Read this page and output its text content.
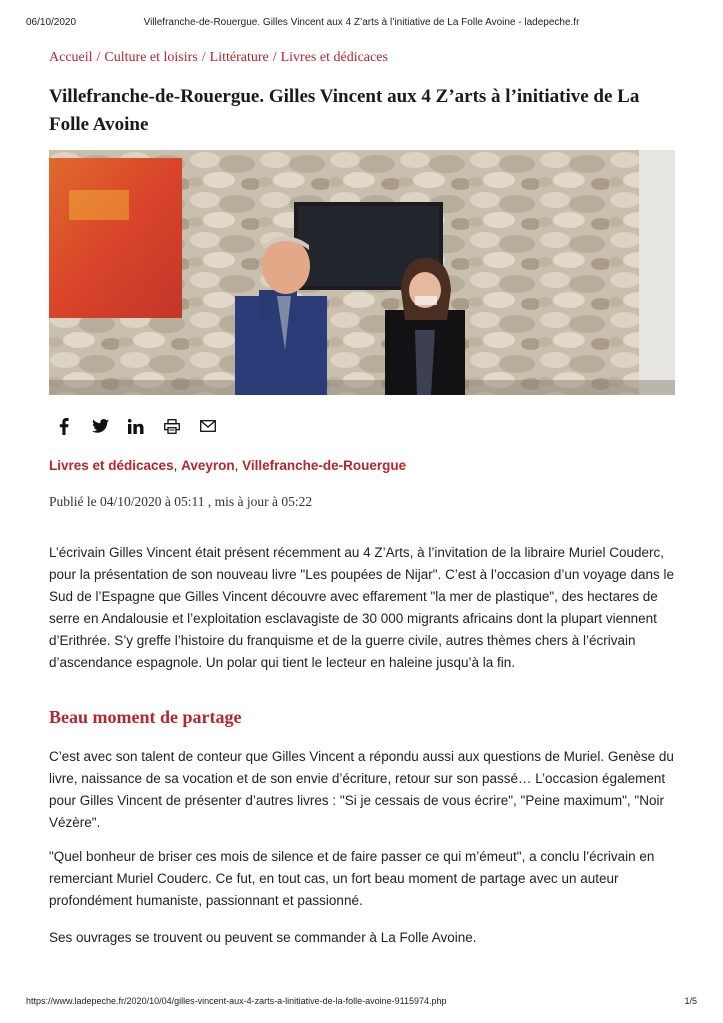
06/10/2020	Villefranche-de-Rouergue. Gilles Vincent aux 4 Z’arts à l’initiative de La Folle Avoine - ladepeche.fr
Accueil / Culture et loisirs / Littérature / Livres et dédicaces
Villefranche-de-Rouergue. Gilles Vincent aux 4 Z’arts à l’initiative de La Folle Avoine
Livres et dédicaces, Aveyron, Villefranche-de-Rouergue
Publié le 04/10/2020 à 05:11 , mis à jour à 05:22

L’écrivain Gilles Vincent était présent récemment au 4 Z’Arts, à l’invitation de la libraire Muriel Couderc, pour la présentation de son nouveau livre "Les poupées de Nijar". C’est à l’occasion d’un voyage dans le Sud de l’Espagne que Gilles Vincent découvre avec effarement "la mer de plastique", des hectares de serre en Andalousie et l’exploitation esclavagiste de 30 000 migrants africains dont la plupart viennent d’Erithrée. S’y greffe l’histoire du franquisme et de la guerre civile, autres thèmes chers à l’écrivain d’ascendance espagnole. Un polar qui tient le lecteur en haleine jusqu’à la fin.

Beau moment de partage

C’est avec son talent de conteur que Gilles Vincent a répondu aussi aux questions de Muriel. Genèse du livre, naissance de sa vocation et de son envie d’écriture, retour sur son passé… L’occasion également pour Gilles Vincent de présenter d’autres livres : "Si je cessais de vous écrire", "Peine maximum", "Noir Vézère".

"Quel bonheur de briser ces mois de silence et de faire passer ce qui m’émeut", a conclu l’écrivain en remerciant Muriel Couderc. Ce fut, en tout cas, un fort beau moment de partage avec un auteur profondément humaniste, passionnant et passionné.

Ses ouvrages se trouvent ou peuvent se commander à La Folle Avoine.

https://www.ladepeche.fr/2020/10/04/gilles-vincent-aux-4-zarts-a-linitiative-de-la-folle-avoine-9115974.php	1/5
